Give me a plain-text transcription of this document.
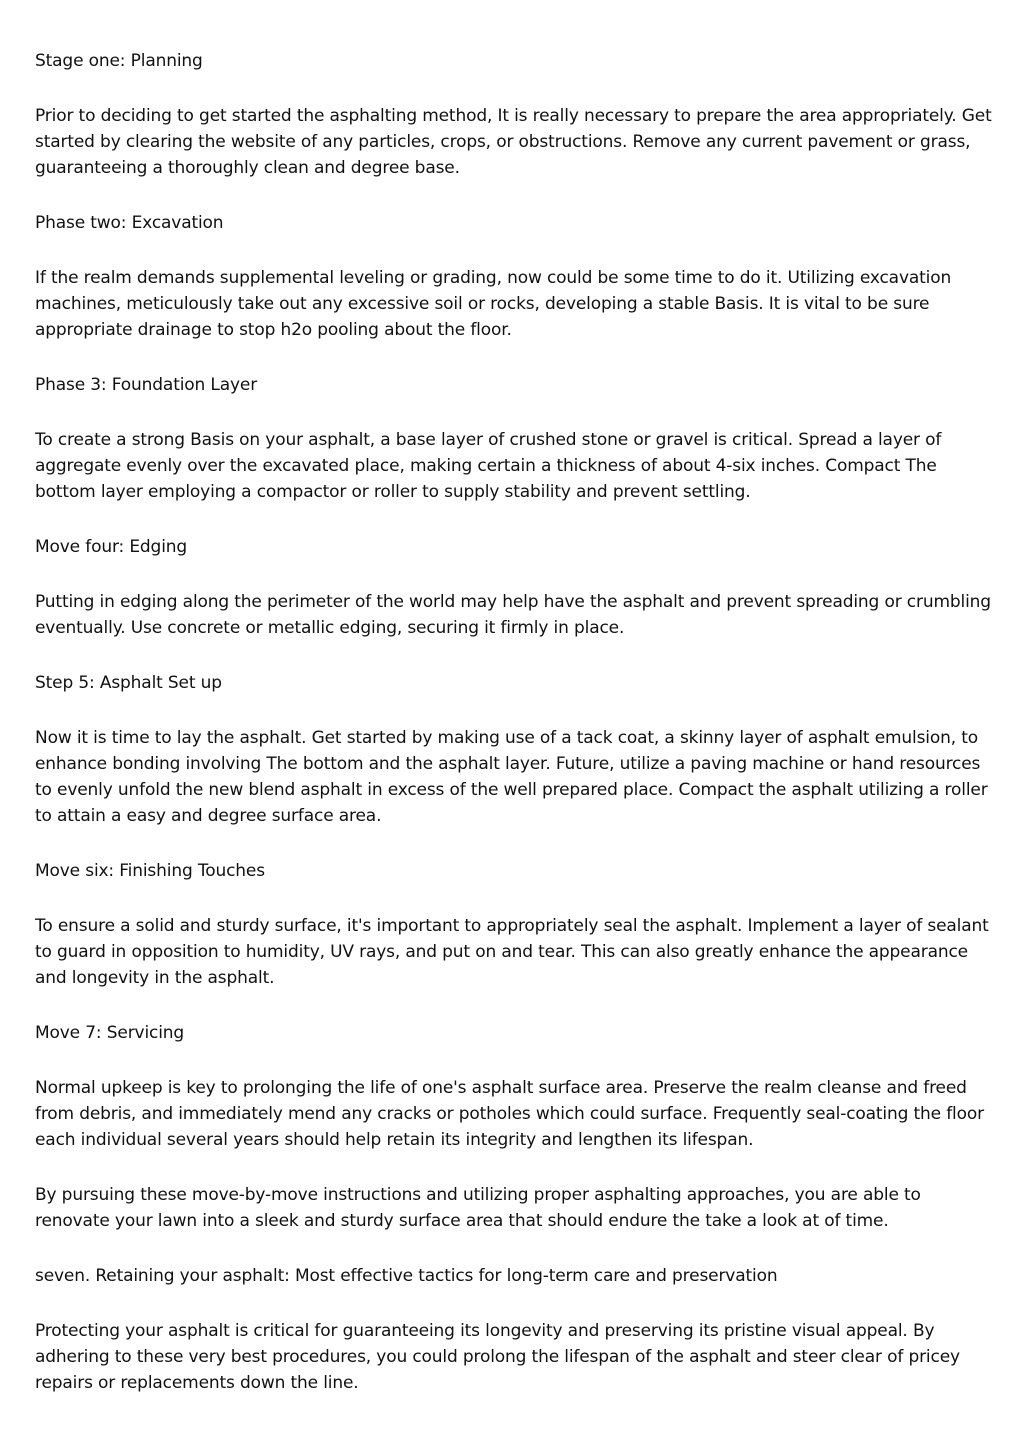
Stage one: Planning

Prior to deciding to get started the asphalting method, It is really necessary to prepare the area appropriately. Get started by clearing the website of any particles, crops, or obstructions. Remove any current pavement or grass, guaranteeing a thoroughly clean and degree base.

Phase two: Excavation

If the realm demands supplemental leveling or grading, now could be some time to do it. Utilizing excavation machines, meticulously take out any excessive soil or rocks, developing a stable Basis. It is vital to be sure appropriate drainage to stop h2o pooling about the floor.

Phase 3: Foundation Layer

To create a strong Basis on your asphalt, a base layer of crushed stone or gravel is critical. Spread a layer of aggregate evenly over the excavated place, making certain a thickness of about 4-six inches. Compact The bottom layer employing a compactor or roller to supply stability and prevent settling.

Move four: Edging

Putting in edging along the perimeter of the world may help have the asphalt and prevent spreading or crumbling eventually. Use concrete or metallic edging, securing it firmly in place.

Step 5: Asphalt Set up

Now it is time to lay the asphalt. Get started by making use of a tack coat, a skinny layer of asphalt emulsion, to enhance bonding involving The bottom and the asphalt layer. Future, utilize a paving machine or hand resources to evenly unfold the new blend asphalt in excess of the well prepared place. Compact the asphalt utilizing a roller to attain a easy and degree surface area.

Move six: Finishing Touches

To ensure a solid and sturdy surface, it's important to appropriately seal the asphalt. Implement a layer of sealant to guard in opposition to humidity, UV rays, and put on and tear. This can also greatly enhance the appearance and longevity in the asphalt.

Move 7: Servicing

Normal upkeep is key to prolonging the life of one's asphalt surface area. Preserve the realm cleanse and freed from debris, and immediately mend any cracks or potholes which could surface. Frequently seal-coating the floor each individual several years should help retain its integrity and lengthen its lifespan.

By pursuing these move-by-move instructions and utilizing proper asphalting approaches, you are able to renovate your lawn into a sleek and sturdy surface area that should endure the take a look at of time.

seven. Retaining your asphalt: Most effective tactics for long-term care and preservation

Protecting your asphalt is critical for guaranteeing its longevity and preserving its pristine visual appeal. By adhering to these very best procedures, you could prolong the lifespan of the asphalt and steer clear of pricey repairs or replacements down the line.
